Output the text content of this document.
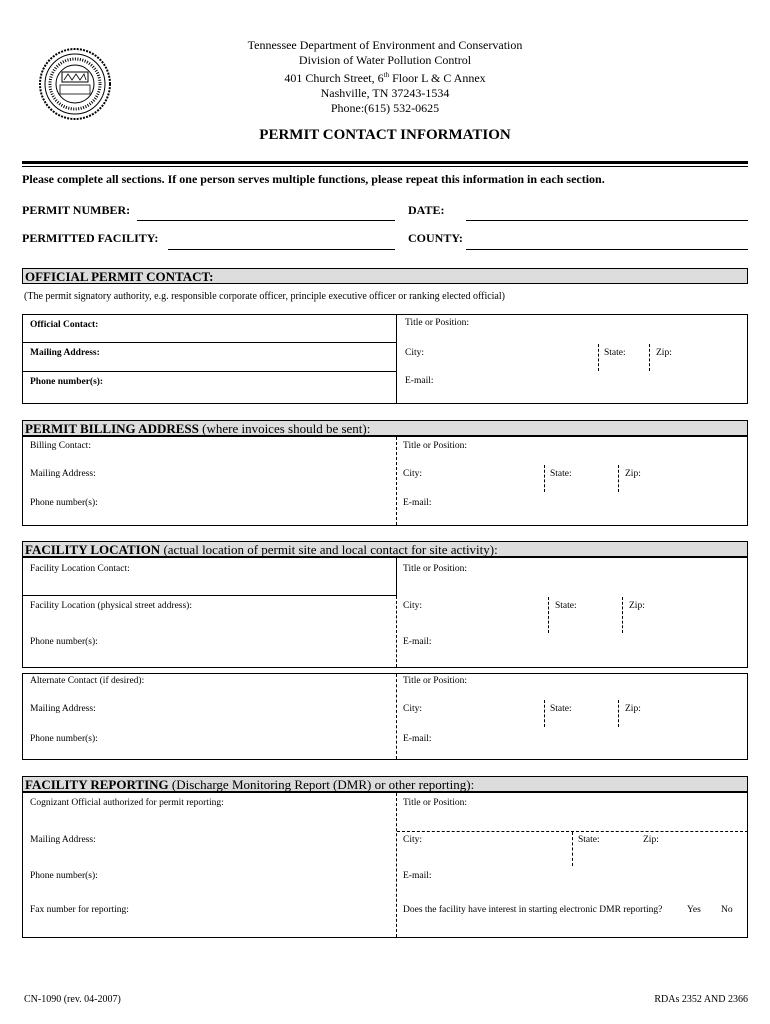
Tennessee Department of Environment and Conservation
Division of Water Pollution Control
401 Church Street, 6th Floor L & C Annex
Nashville, TN 37243-1534
Phone:(615) 532-0625
PERMIT CONTACT INFORMATION
Please complete all sections. If one person serves multiple functions, please repeat this information in each section.
PERMIT NUMBER:	DATE:
PERMITTED FACILITY:	COUNTY:
OFFICIAL PERMIT CONTACT:
(The permit signatory authority, e.g. responsible corporate officer, principle executive officer or ranking elected official)
Official Contact:	Title or Position:
Mailing Address:	City:	State:	Zip:
Phone number(s):	E-mail:
PERMIT BILLING ADDRESS (where invoices should be sent):
Billing Contact:	Title or Position:
Mailing Address:	City:	State:	Zip:
Phone number(s):	E-mail:
FACILITY LOCATION (actual location of permit site and local contact for site activity):
Facility Location Contact:	Title or Position:
Facility Location (physical street address):	City:	State:	Zip:
Phone number(s):	E-mail:
Alternate Contact (if desired):	Title or Position:
Mailing Address:	City:	State:	Zip:
Phone number(s):	E-mail:
FACILITY REPORTING (Discharge Monitoring Report (DMR) or other reporting):
Cognizant Official authorized for permit reporting:	Title or Position:
Mailing Address:	City:	State:	Zip:
Phone number(s):	E-mail:
Fax number for reporting:	Does the facility have interest in starting electronic DMR reporting?	Yes No
CN-1090 (rev. 04-2007)	RDAs 2352 AND 2366
